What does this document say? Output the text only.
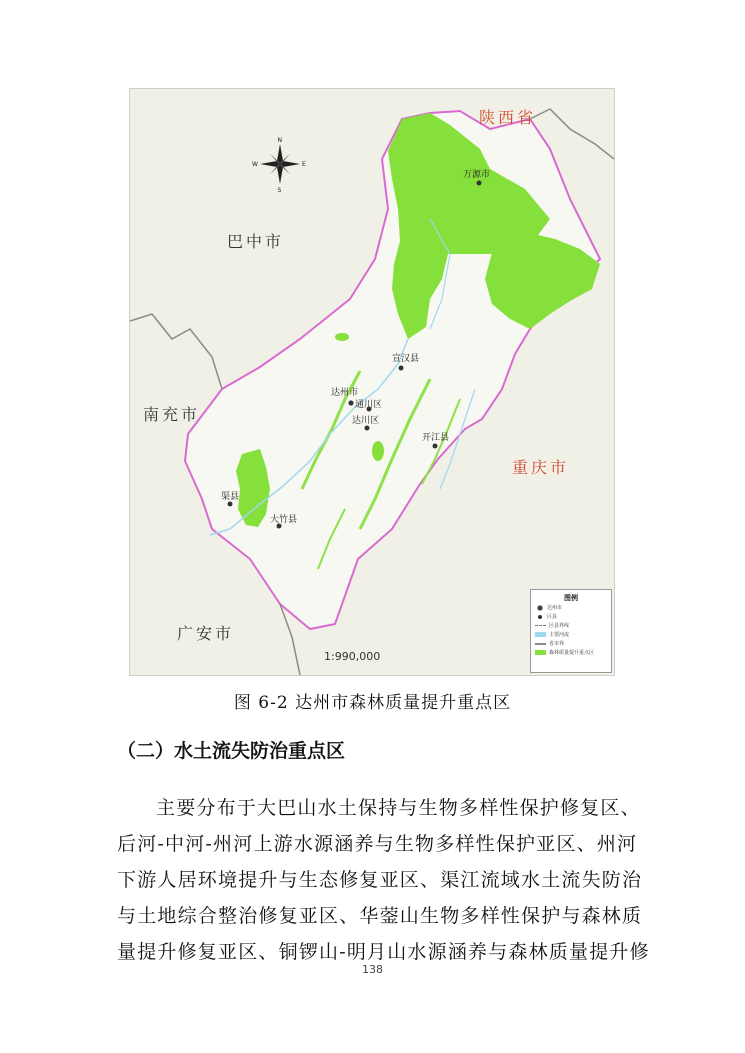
N
S
E
W
陕西省
巴中市
南充市
重庆市
广安市
万源市
宣汉县
达州市
通川区
达川区
开江县
渠县
大竹县
1:990,000
图例
达州市
区县
区县界线
主要河流
省市界
森林质量提升重点区
图 6-2 达州市森林质量提升重点区
（二）水土流失防治重点区
主要分布于大巴山水土保持与生物多样性保护修复区、
后河-中河-州河上游水源涵养与生物多样性保护亚区、州河
下游人居环境提升与生态修复亚区、渠江流域水土流失防治
与土地综合整治修复亚区、华蓥山生物多样性保护与森林质
量提升修复亚区、铜锣山-明月山水源涵养与森林质量提升修
138
